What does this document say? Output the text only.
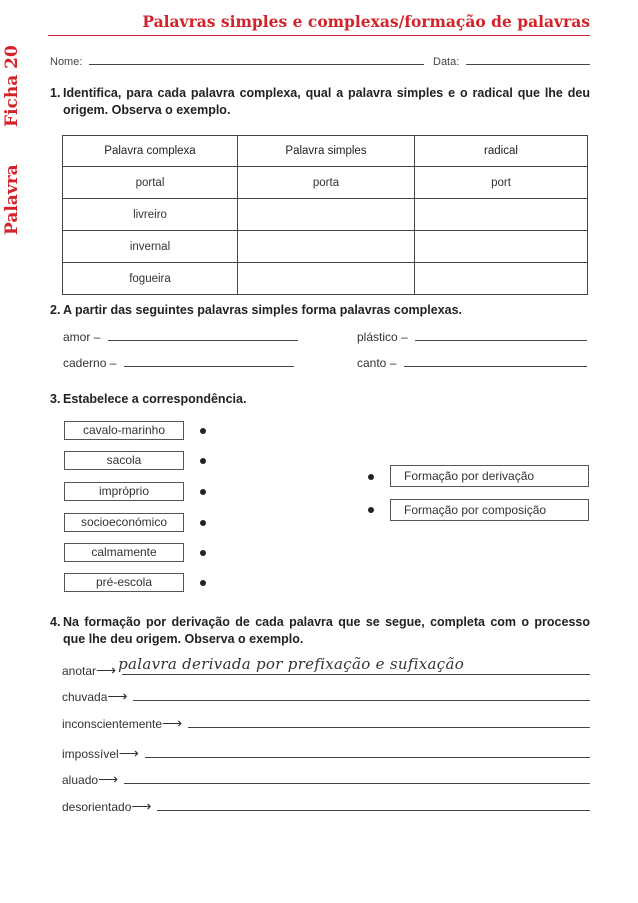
Ficha 20
Palavra
Palavras simples e complexas/formação de palavras
Nome:	Data:
1. Identifica, para cada palavra complexa, qual a palavra simples e o radical que lhe deu origem. Observa o exemplo.
Palavra complexa	Palavra simples	radical
portal	porta	port
livreiro		
invernal		
fogueira		
2. A partir das seguintes palavras simples forma palavras complexas.
amor –	plástico –
caderno –	canto –
3. Estabelece a correspondência.
cavalo-marinho
sacola
impróprio
socioeconómico
calmamente
pré-escola
Formação por derivação
Formação por composição
4. Na formação por derivação de cada palavra que se segue, completa com o processo que lhe deu origem. Observa o exemplo.
anotar ⟶ palavra derivada por prefixação e sufixação
chuvada ⟶
inconscientemente ⟶
impossível ⟶
aluado ⟶
desorientado ⟶
